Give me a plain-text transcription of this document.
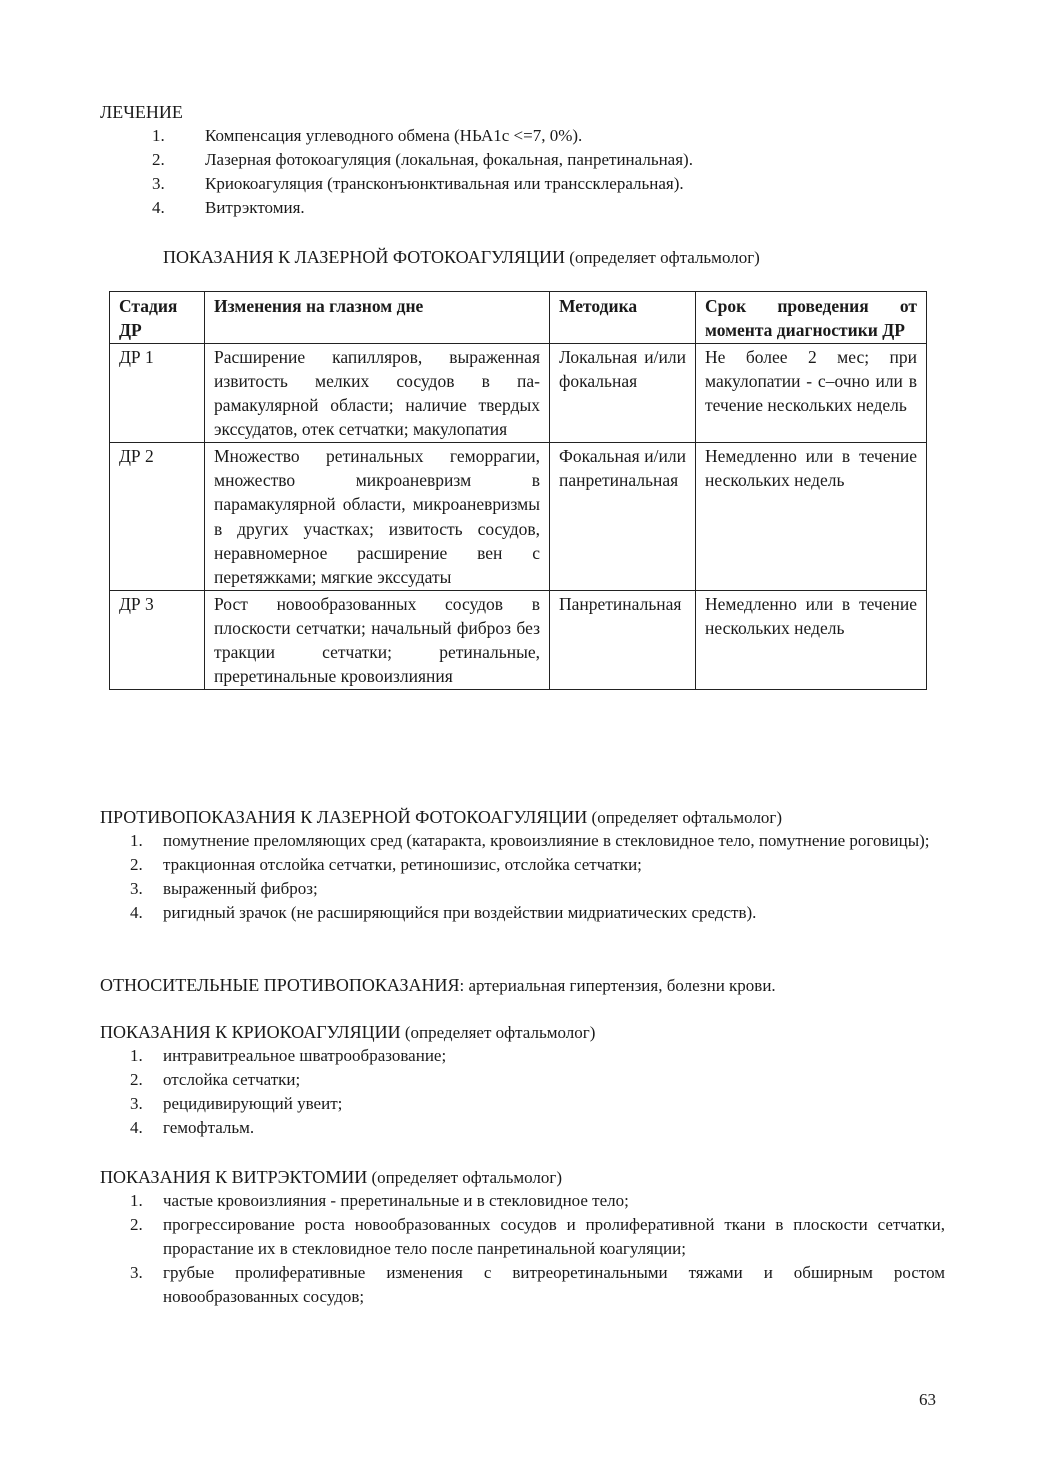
ЛЕЧЕНИЕ
1. Компенсация углеводного обмена (НЬА1с <=7, 0%).
2. Лазерная фотокоагуляция (локальная, фокальная, панретинальная).
3. Криокоагуляция (трансконъюнктивальная или транссклеральная).
4. Витрэктомия.
ПОКАЗАНИЯ К ЛАЗЕРНОЙ ФОТОКОАГУЛЯЦИИ (определяет офтальмолог)
Стадия ДР	Изменения на глазном дне	Методика	Срок проведения от момента диагностики ДР
ДР 1	Расширение капилляров, выраженная извитость мелких сосудов в парамакулярной области; наличие твердых экссудатов, отек сетчатки; макулопатия	Локальная и/или фокальная	Не более 2 мес; при макулопатии - с–очно или в течение нескольких недель
ДР 2	Множество ретинальных геморрагии, множество микроаневризм в парамакулярной области, микроаневризмы в других участках; извитость сосудов, неравномерное расширение вен с перетяжками; мягкие экссудаты	Фокальная и/или панретинальная	Немедленно или в течение нескольких недель
ДР 3	Рост новообразованных сосудов в плоскости сетчатки; начальный фиброз без тракции сетчатки; ретинальные, преретинальные кровоизлияния	Панретинальная	Немедленно или в течение нескольких недель
ПРОТИВОПОКАЗАНИЯ К ЛАЗЕРНОЙ ФОТОКОАГУЛЯЦИИ (определяет офтальмолог)
1. помутнение преломляющих сред (катаракта, кровоизлияние в стекловидное тело, помутнение роговицы);
2. тракционная отслойка сетчатки, ретиношизис, отслойка сетчатки;
3. выраженный фиброз;
4. ригидный зрачок (не расширяющийся при воздействии мидриатических средств).
ОТНОСИТЕЛЬНЫЕ ПРОТИВОПОКАЗАНИЯ: артериальная гипертензия, болезни крови.
ПОКАЗАНИЯ К КРИОКОАГУЛЯЦИИ (определяет офтальмолог)
1. интравитреальное шватрообразование;
2. отслойка сетчатки;
3. рецидивирующий увеит;
4. гемофтальм.
ПОКАЗАНИЯ К ВИТРЭКТОМИИ (определяет офтальмолог)
1. частые кровоизлияния - преретинальные и в стекловидное тело;
2. прогрессирование роста новообразованных сосудов и пролиферативной ткани в плоскости сетчатки, прорастание их в стекловидное тело после панретинальной коагуляции;
3. грубые пролиферативные изменения с витреоретинальными тяжами и обширным ростом новообразованных сосудов;
63
